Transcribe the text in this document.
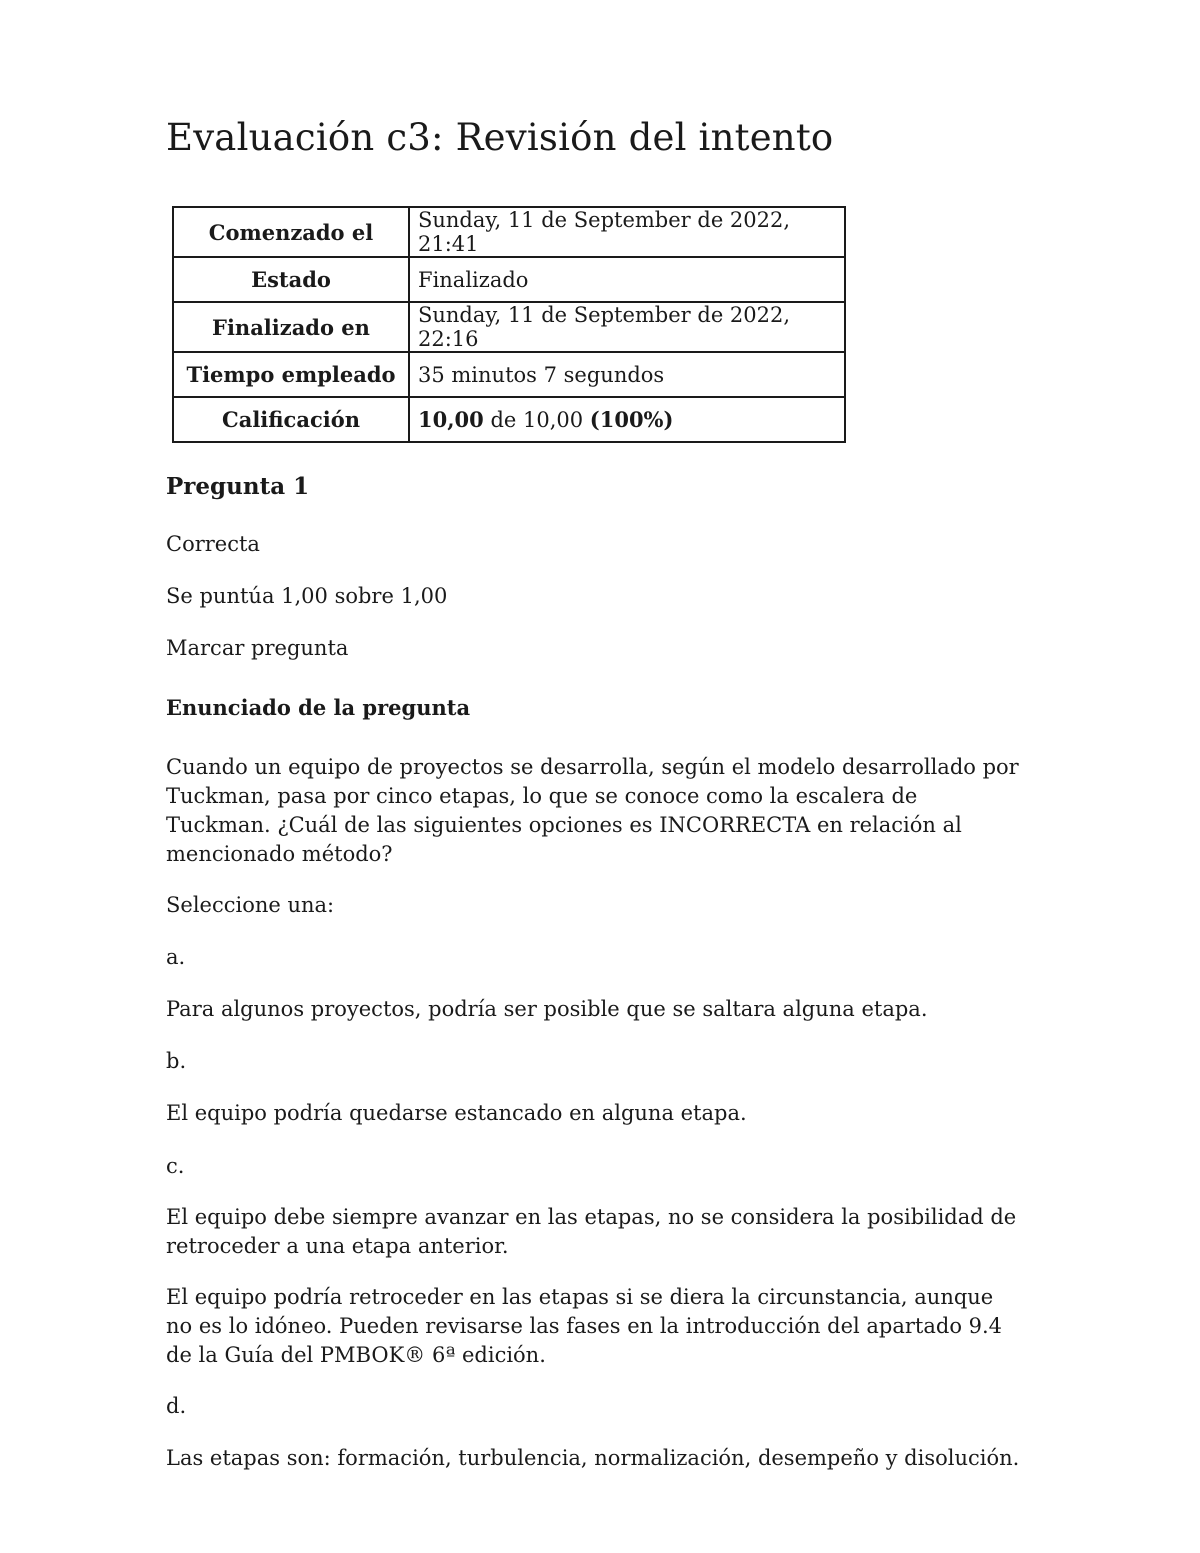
Evaluación c3: Revisión del intento
Comenzado el	Sunday, 11 de September de 2022, 21:41
Estado	Finalizado
Finalizado en	Sunday, 11 de September de 2022, 22:16
Tiempo empleado	35 minutos 7 segundos
Calificación	10,00 de 10,00 (100%)
Pregunta 1
Correcta
Se puntúa 1,00 sobre 1,00
Marcar pregunta
Enunciado de la pregunta
Cuando un equipo de proyectos se desarrolla, según el modelo desarrollado por Tuckman, pasa por cinco etapas, lo que se conoce como la escalera de Tuckman. ¿Cuál de las siguientes opciones es INCORRECTA en relación al mencionado método?
Seleccione una:
a.
Para algunos proyectos, podría ser posible que se saltara alguna etapa.
b.
El equipo podría quedarse estancado en alguna etapa.
c.
El equipo debe siempre avanzar en las etapas, no se considera la posibilidad de retroceder a una etapa anterior.
El equipo podría retroceder en las etapas si se diera la circunstancia, aunque no es lo idóneo. Pueden revisarse las fases en la introducción del apartado 9.4 de la Guía del PMBOK® 6ª edición.
d.
Las etapas son: formación, turbulencia, normalización, desempeño y disolución.
